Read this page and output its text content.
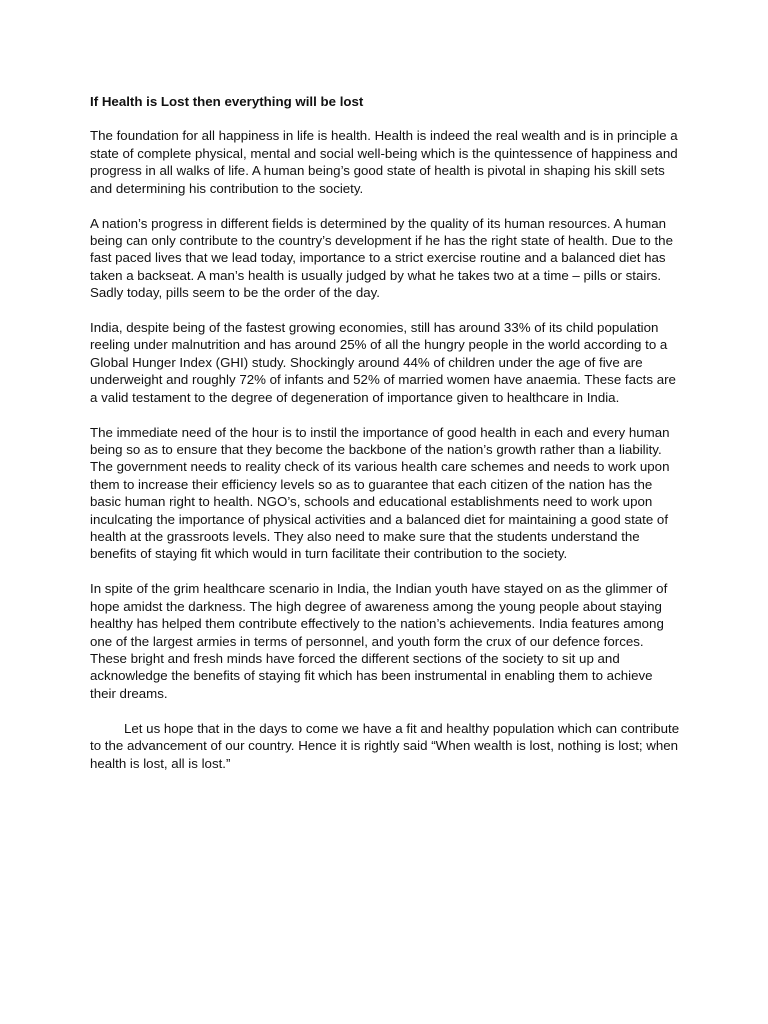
If Health is Lost then everything will be lost

The foundation for all happiness in life is health. Health is indeed the real wealth and is in principle a state of complete physical, mental and social well-being which is the quintessence of happiness and progress in all walks of life. A human being’s good state of health is pivotal in shaping his skill sets and determining his contribution to the society.

A nation’s progress in different fields is determined by the quality of its human resources. A human being can only contribute to the country’s development if he has the right state of health. Due to the fast paced lives that we lead today, importance to a strict exercise routine and a balanced diet has taken a backseat. A man’s health is usually judged by what he takes two at a time – pills or stairs. Sadly today, pills seem to be the order of the day.

India, despite being of the fastest growing economies, still has around 33% of its child population reeling under malnutrition and has around 25% of all the hungry people in the world according to a Global Hunger Index (GHI) study. Shockingly around 44% of children under the age of five are underweight and roughly 72% of infants and 52% of married women have anaemia. These facts are a valid testament to the degree of degeneration of importance given to healthcare in India.

The immediate need of the hour is to instil the importance of good health in each and every human being so as to ensure that they become the backbone of the nation’s growth rather than a liability. The government needs to reality check of its various health care schemes and needs to work upon them to increase their efficiency levels so as to guarantee that each citizen of the nation has the basic human right to health. NGO’s, schools and educational establishments need to work upon inculcating the importance of physical activities and a balanced diet for maintaining a good state of health at the grassroots levels. They also need to make sure that the students understand the benefits of staying fit which would in turn facilitate their contribution to the society.

In spite of the grim healthcare scenario in India, the Indian youth have stayed on as the glimmer of hope amidst the darkness. The high degree of awareness among the young people about staying healthy has helped them contribute effectively to the nation’s achievements. India features among one of the largest armies in terms of personnel, and youth form the crux of our defence forces. These bright and fresh minds have forced the different sections of the society to sit up and acknowledge the benefits of staying fit which has been instrumental in enabling them to achieve their dreams.

Let us hope that in the days to come we have a fit and healthy population which can contribute to the advancement of our country. Hence it is rightly said “When wealth is lost, nothing is lost; when health is lost, all is lost.”
